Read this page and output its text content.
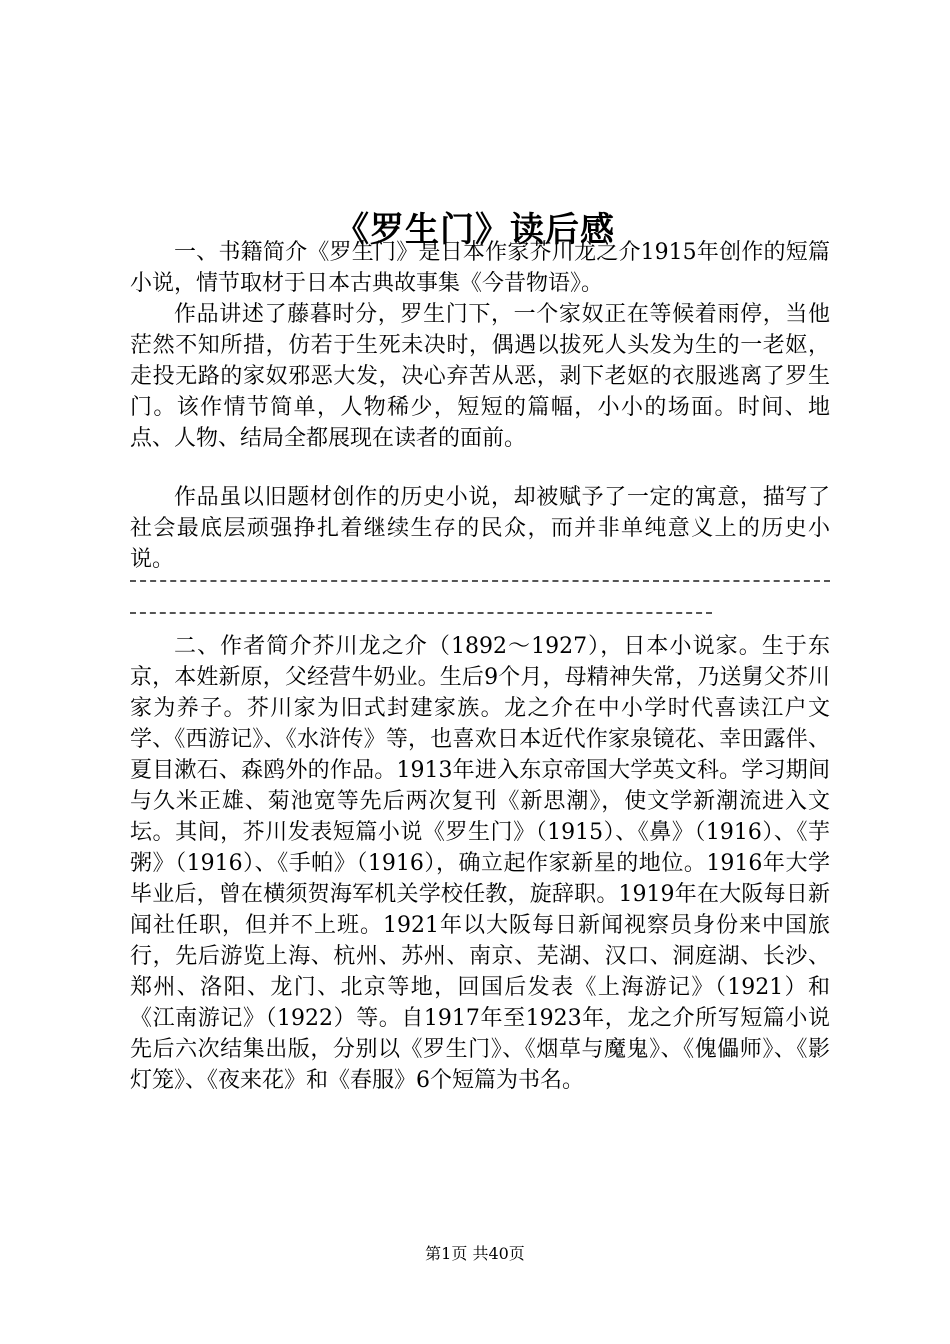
《罗生门》读后感

一、书籍简介《罗生门》是日本作家芥川龙之介1915年创作的短篇小说，情节取材于日本古典故事集《今昔物语》。

作品讲述了藤暮时分，罗生门下，一个家奴正在等候着雨停，当他茫然不知所措，仿若于生死未决时，偶遇以拔死人头发为生的一老妪，走投无路的家奴邪恶大发，决心弃苦从恶，剥下老妪的衣服逃离了罗生门。该作情节简单，人物稀少，短短的篇幅，小小的场面。时间、地点、人物、结局全都展现在读者的面前。

作品虽以旧题材创作的历史小说，却被赋予了一定的寓意，描写了社会最底层顽强挣扎着继续生存的民众，而并非单纯意义上的历史小说。

二、作者简介芥川龙之介（1892～1927），日本小说家。生于东京，本姓新原，父经营牛奶业。生后9个月，母精神失常，乃送舅父芥川家为养子。芥川家为旧式封建家族。龙之介在中小学时代喜读江户文学、《西游记》、《水浒传》等，也喜欢日本近代作家泉镜花、幸田露伴、夏目漱石、森鸥外的作品。1913年进入东京帝国大学英文科。学习期间与久米正雄、菊池宽等先后两次复刊《新思潮》，使文学新潮流进入文坛。其间，芥川发表短篇小说《罗生门》（1915）、《鼻》（1916）、《芋粥》（1916）、《手帕》（1916），确立起作家新星的地位。1916年大学毕业后，曾在横须贺海军机关学校任教，旋辞职。1919年在大阪每日新闻社任职，但并不上班。1921年以大阪每日新闻视察员身份来中国旅行，先后游览上海、杭州、苏州、南京、芜湖、汉口、洞庭湖、长沙、郑州、洛阳、龙门、北京等地，回国后发表《上海游记》（1921）和《江南游记》（1922）等。自1917年至1923年，龙之介所写短篇小说先后六次结集出版，分别以《罗生门》、《烟草与魔鬼》、《傀儡师》、《影灯笼》、《夜来花》和《春服》6个短篇为书名。

第1页 共40页
